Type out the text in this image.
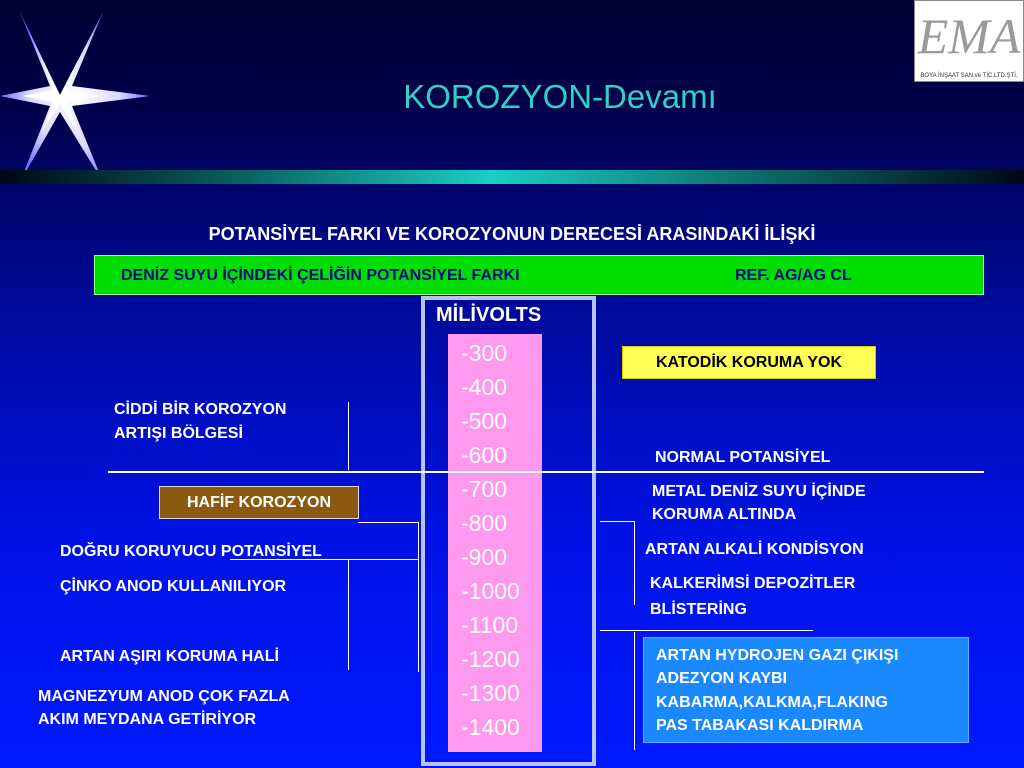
KOROZYON-Devamı
EMA
BOYA İNŞAAT SAN.ve TİC.LTD.ŞTİ.
POTANSİYEL FARKI VE KOROZYONUN DERECESİ ARASINDAKİ İLİŞKİ
DENİZ SUYU İÇİNDEKİ ÇELİĞİN POTANSİYEL FARKI	REF. AG/AG CL
MİLİVOLTS
-300
-400
-500
-600
-700
-800
-900
-1000
-1100
-1200
-1300
-1400
CİDDİ BİR KOROZYON
ARTIŞI BÖLGESİ
HAFİF KOROZYON
DOĞRU KORUYUCU POTANSİYEL
ÇİNKO ANOD KULLANILIYOR
ARTAN AŞIRI KORUMA HALİ
MAGNEZYUM ANOD ÇOK FAZLA
AKIM MEYDANA GETİRİYOR
KATODİK KORUMA YOK
NORMAL POTANSİYEL
METAL DENİZ SUYU İÇİNDE
KORUMA ALTINDA
ARTAN ALKALİ KONDİSYON
KALKERİMSİ DEPOZİTLER
BLİSTERİNG
ARTAN HYDROJEN GAZI ÇIKIŞI
ADEZYON KAYBI
KABARMA,KALKMA,FLAKING
PAS TABAKASI KALDIRMA
